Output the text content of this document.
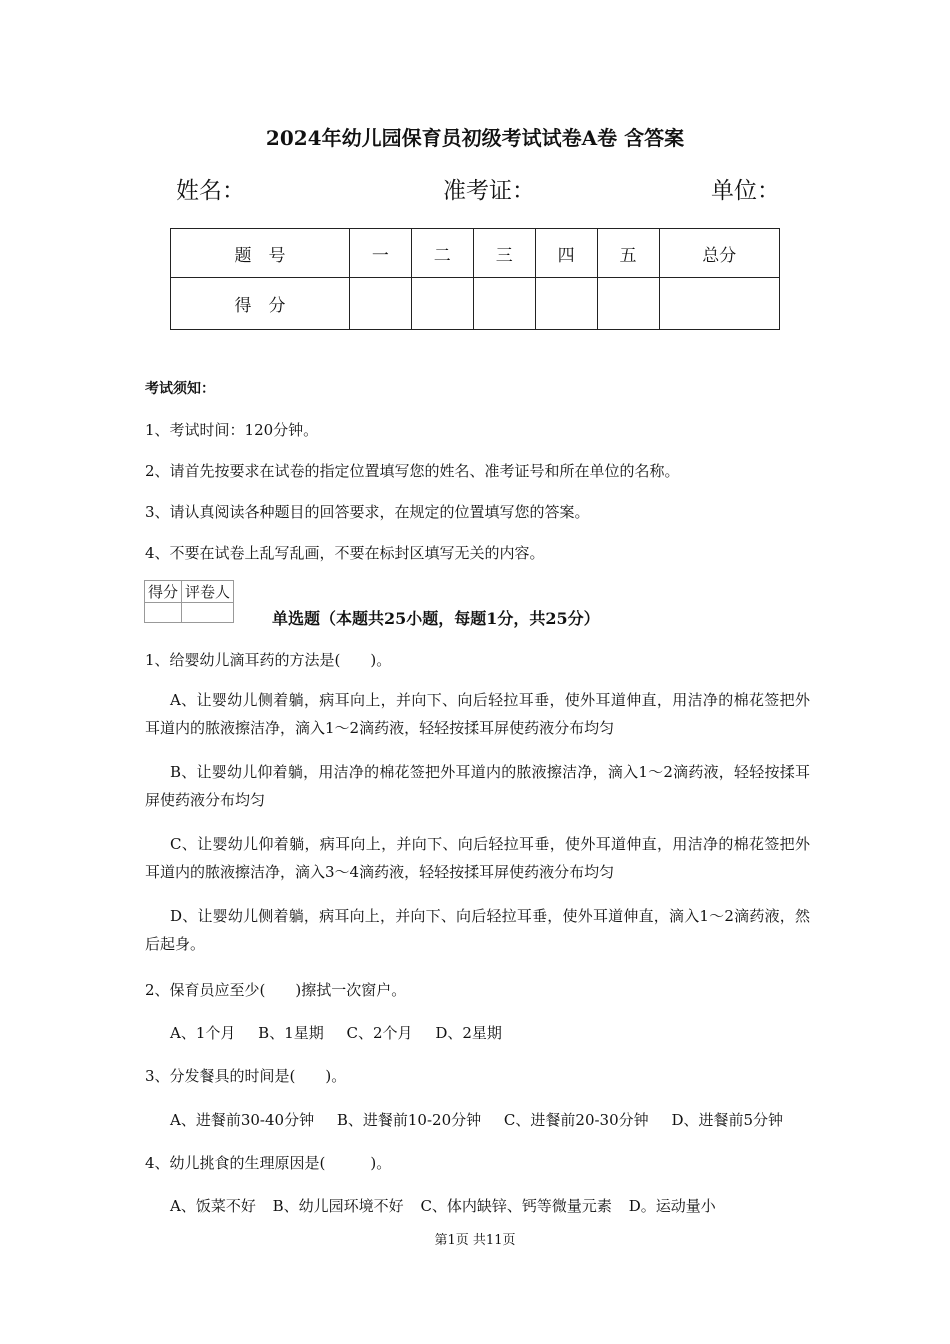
2024年幼儿园保育员初级考试试卷A卷 含答案
姓名：	准考证：	单位：
题　号	一	二	三	四	五	总分
得　分						
考试须知：
1、考试时间：120分钟。
2、请首先按要求在试卷的指定位置填写您的姓名、准考证号和所在单位的名称。
3、请认真阅读各种题目的回答要求，在规定的位置填写您的答案。
4、不要在试卷上乱写乱画，不要在标封区填写无关的内容。
得分	评卷人

单选题（本题共25小题，每题1分，共25分）
1、给婴幼儿滴耳药的方法是(　　)。
A、让婴幼儿侧着躺，病耳向上，并向下、向后轻拉耳垂，使外耳道伸直，用洁净的棉花签把外耳道内的脓液擦洁净，滴入1～2滴药液，轻轻按揉耳屏使药液分布均匀
B、让婴幼儿仰着躺，用洁净的棉花签把外耳道内的脓液擦洁净，滴入1～2滴药液，轻轻按揉耳屏使药液分布均匀
C、让婴幼儿仰着躺，病耳向上，并向下、向后轻拉耳垂，使外耳道伸直，用洁净的棉花签把外耳道内的脓液擦洁净，滴入3～4滴药液，轻轻按揉耳屏使药液分布均匀
D、让婴幼儿侧着躺，病耳向上，并向下、向后轻拉耳垂，使外耳道伸直，滴入1～2滴药液，然后起身。
2、保育员应至少(　　)擦拭一次窗户。
A、1个月 B、1星期 C、2个月 D、2星期
3、分发餐具的时间是(　　)。
A、进餐前30-40分钟 B、进餐前10-20分钟 C、进餐前20-30分钟 D、进餐前5分钟
4、幼儿挑食的生理原因是(　　　)。
A、饭菜不好 B、幼儿园环境不好 C、体内缺锌、钙等微量元素 D。运动量小
第1页 共11页
